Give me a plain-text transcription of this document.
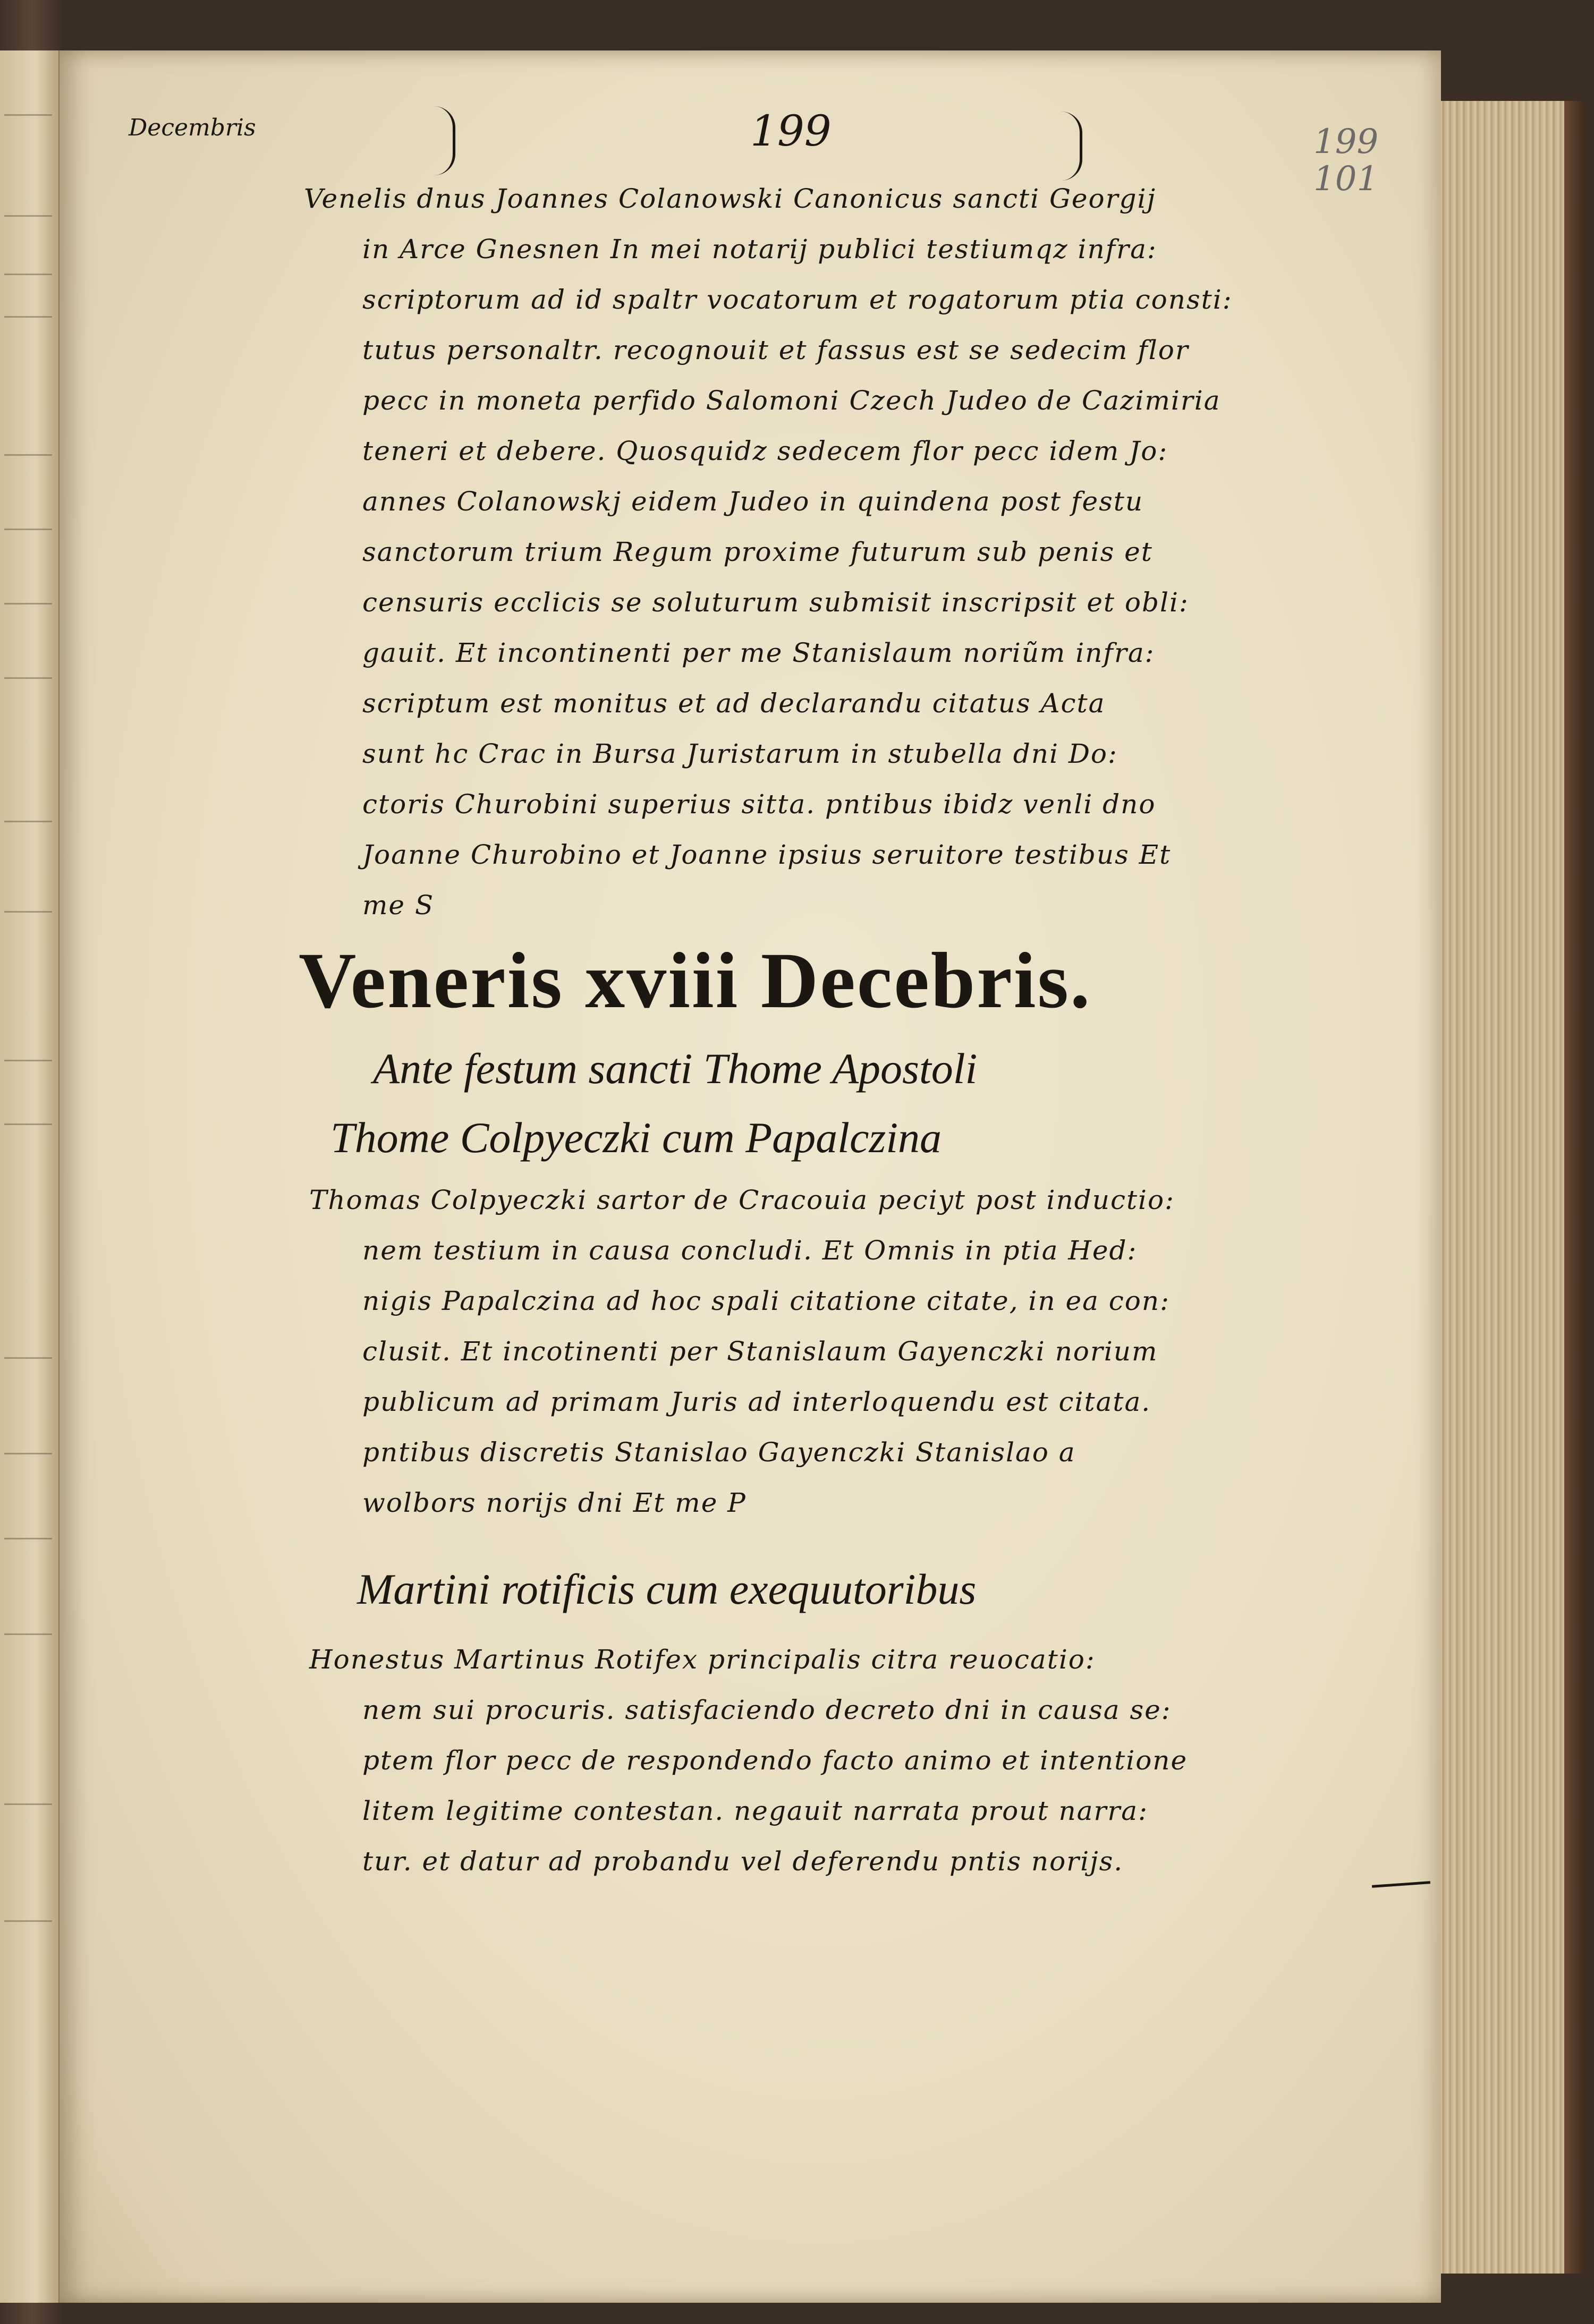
Decembris	199	199
101
Venelis dnus Joannes Colanowski Canonicus sancti Georgij
in Arce Gnesnen In mei notarij publici testiumqz infra:
scriptorum ad id spaltr vocatorum et rogatorum ptia consti:
tutus personaltr. recognouit et fassus est se sedecim flor
pecc in moneta perfido Salomoni Czech Judeo de Cazimiria
teneri et debere. Quosquidz sedecem flor pecc idem Jo:
annes Colanowskj eidem Judeo in quindena post festu
sanctorum trium Regum proxime futurum sub penis et
censuris ecclicis se soluturum submisit inscripsit et obli:
gauit. Et incontinenti per me Stanislaum noriũm infra:
scriptum est monitus et ad declarandu citatus Acta
sunt hc Crac in Bursa Juristarum in stubella dni Do:
ctoris Churobini superius sitta. pntibus ibidz venli dno
Joanne Churobino et Joanne ipsius seruitore testibus Et
me S
Veneris xviii Decebris.
Ante festum sancti Thome Apostoli
Thome Colpyeczki cum Papalczina
Thomas Colpyeczki sartor de Cracouia peciyt post inductio:
nem testium in causa concludi. Et Omnis in ptia Hed:
nigis Papalczina ad hoc spali citatione citate, in ea con:
clusit. Et incotinenti per Stanislaum Gayenczki norium
publicum ad primam Juris ad interloquendu est citata.
pntibus discretis Stanislao Gayenczki Stanislao a
wolbors norijs dni Et me P
Martini rotificis cum exequutoribus
Honestus Martinus Rotifex principalis citra reuocatio:
nem sui procuris. satisfaciendo decreto dni in causa se:
ptem flor pecc de respondendo facto animo et intentione
litem legitime contestan. negauit narrata prout narra:
tur. et datur ad probandu vel deferendu pntis norijs.
